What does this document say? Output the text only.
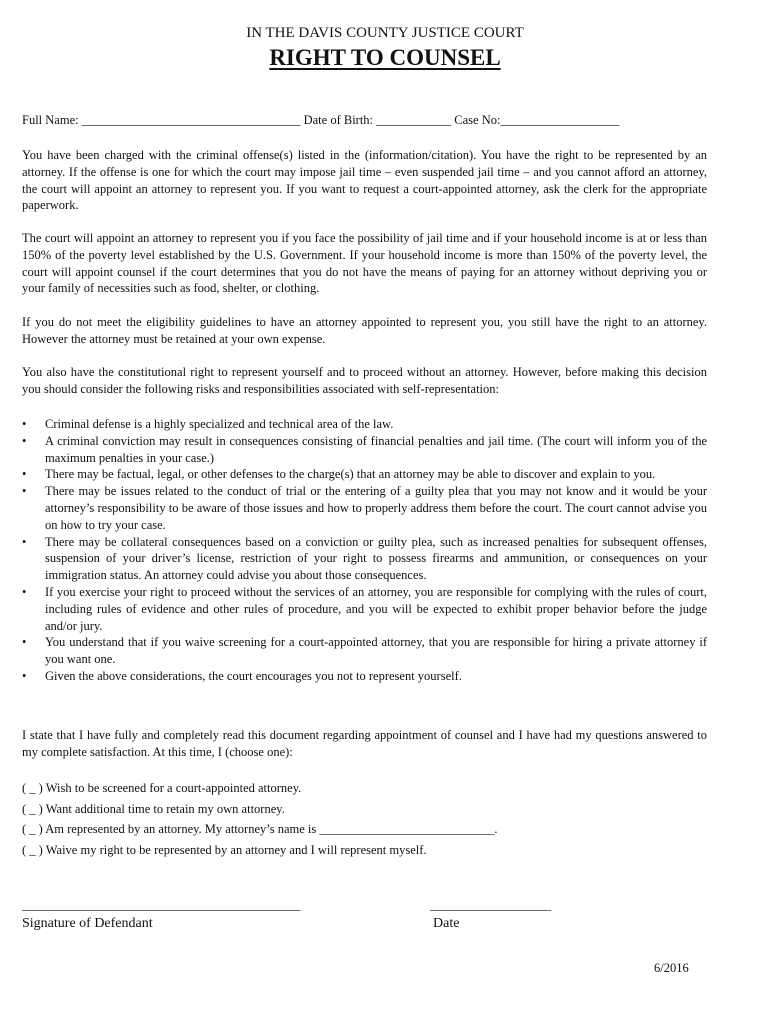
IN THE DAVIS COUNTY JUSTICE COURT
RIGHT TO COUNSEL
Full Name: ___________________________________ Date of Birth: ____________ Case No:___________________

You have been charged with the criminal offense(s) listed in the (information/citation). You have the right to be represented by an attorney. If the offense is one for which the court may impose jail time – even suspended jail time – and you cannot afford an attorney, the court will appoint an attorney to represent you. If you want to request a court-appointed attorney, ask the clerk for the appropriate paperwork.

The court will appoint an attorney to represent you if you face the possibility of jail time and if your household income is at or less than 150% of the poverty level established by the U.S. Government. If your household income is more than 150% of the poverty level, the court will appoint counsel if the court determines that you do not have the means of paying for an attorney without depriving you or your family of necessities such as food, shelter, or clothing.

If you do not meet the eligibility guidelines to have an attorney appointed to represent you, you still have the right to an attorney. However the attorney must be retained at your own expense.

You also have the constitutional right to represent yourself and to proceed without an attorney. However, before making this decision you should consider the following risks and responsibilities associated with self-representation:

• Criminal defense is a highly specialized and technical area of the law.
• A criminal conviction may result in consequences consisting of financial penalties and jail time. (The court will inform you of the maximum penalties in your case.)
• There may be factual, legal, or other defenses to the charge(s) that an attorney may be able to discover and explain to you.
• There may be issues related to the conduct of trial or the entering of a guilty plea that you may not know and it would be your attorney’s responsibility to be aware of those issues and how to properly address them before the court. The court cannot advise you on how to try your case.
• There may be collateral consequences based on a conviction or guilty plea, such as increased penalties for subsequent offenses, suspension of your driver’s license, restriction of your right to possess firearms and ammunition, or consequences on your immigration status. An attorney could advise you about those consequences.
• If you exercise your right to proceed without the services of an attorney, you are responsible for complying with the rules of court, including rules of evidence and other rules of procedure, and you will be expected to exhibit proper behavior before the judge and/or jury.
• You understand that if you waive screening for a court-appointed attorney, that you are responsible for hiring a private attorney if you want one.
• Given the above considerations, the court encourages you not to represent yourself.

I state that I have fully and completely read this document regarding appointment of counsel and I have had my questions answered to my complete satisfaction. At this time, I (choose one):

( _ ) Wish to be screened for a court-appointed attorney.
( _ ) Want additional time to retain my own attorney.
( _ ) Am represented by an attorney. My attorney’s name is ____________________________.
( _ ) Waive my right to be represented by an attorney and I will represent myself.
______________________________________________
Signature of Defendant
____________________
Date
6/2016
